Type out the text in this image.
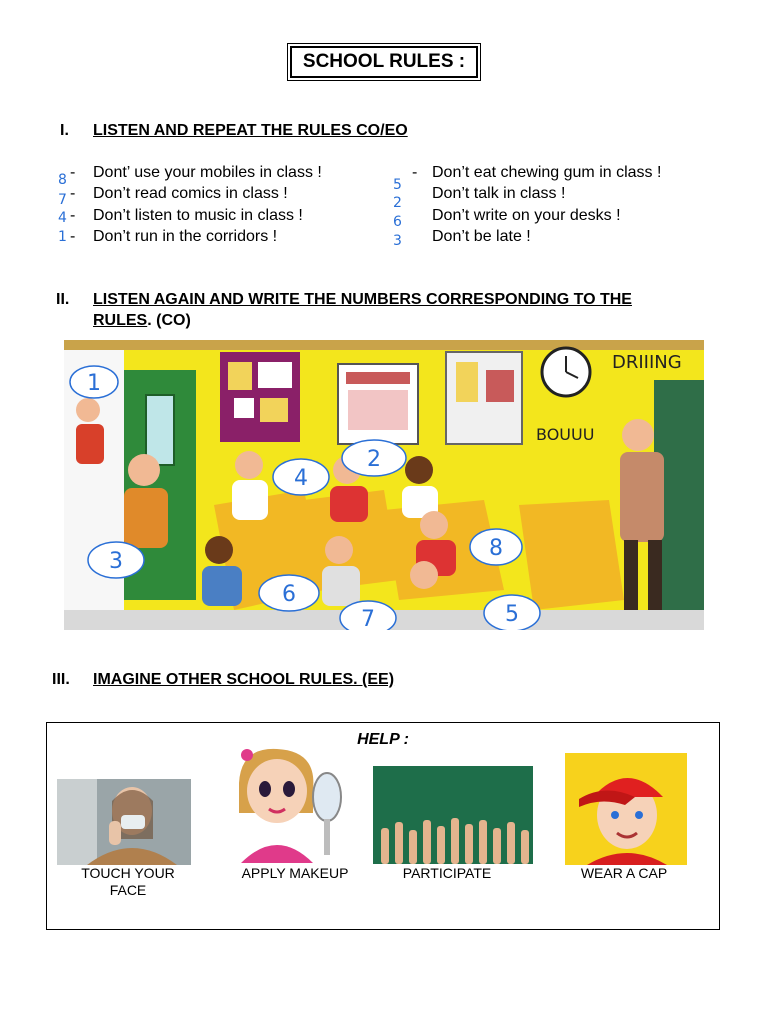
SCHOOL RULES :
I. LISTEN AND REPEAT THE RULES CO/EO
8 - Dont’ use your mobiles in class !
7 - Don’t read comics in class !
4 - Don’t listen to music in class !
1 - Don’t run in the corridors !
- Don’t eat chewing gum in class !
5 Don’t talk in class !
2
Don’t write on your desks !
6
Don’t be late !
3
II. LISTEN AGAIN AND WRITE THE NUMBERS CORRESPONDING TO THE
RULES. (CO)
1
2
3
4
5
6
7
8
DRIIING
BOUUU
III. IMAGINE OTHER SCHOOL RULES. (EE)
HELP :
TOUCH YOUR
FACE
APPLY MAKEUP	PARTICIPATE	WEAR A CAP
